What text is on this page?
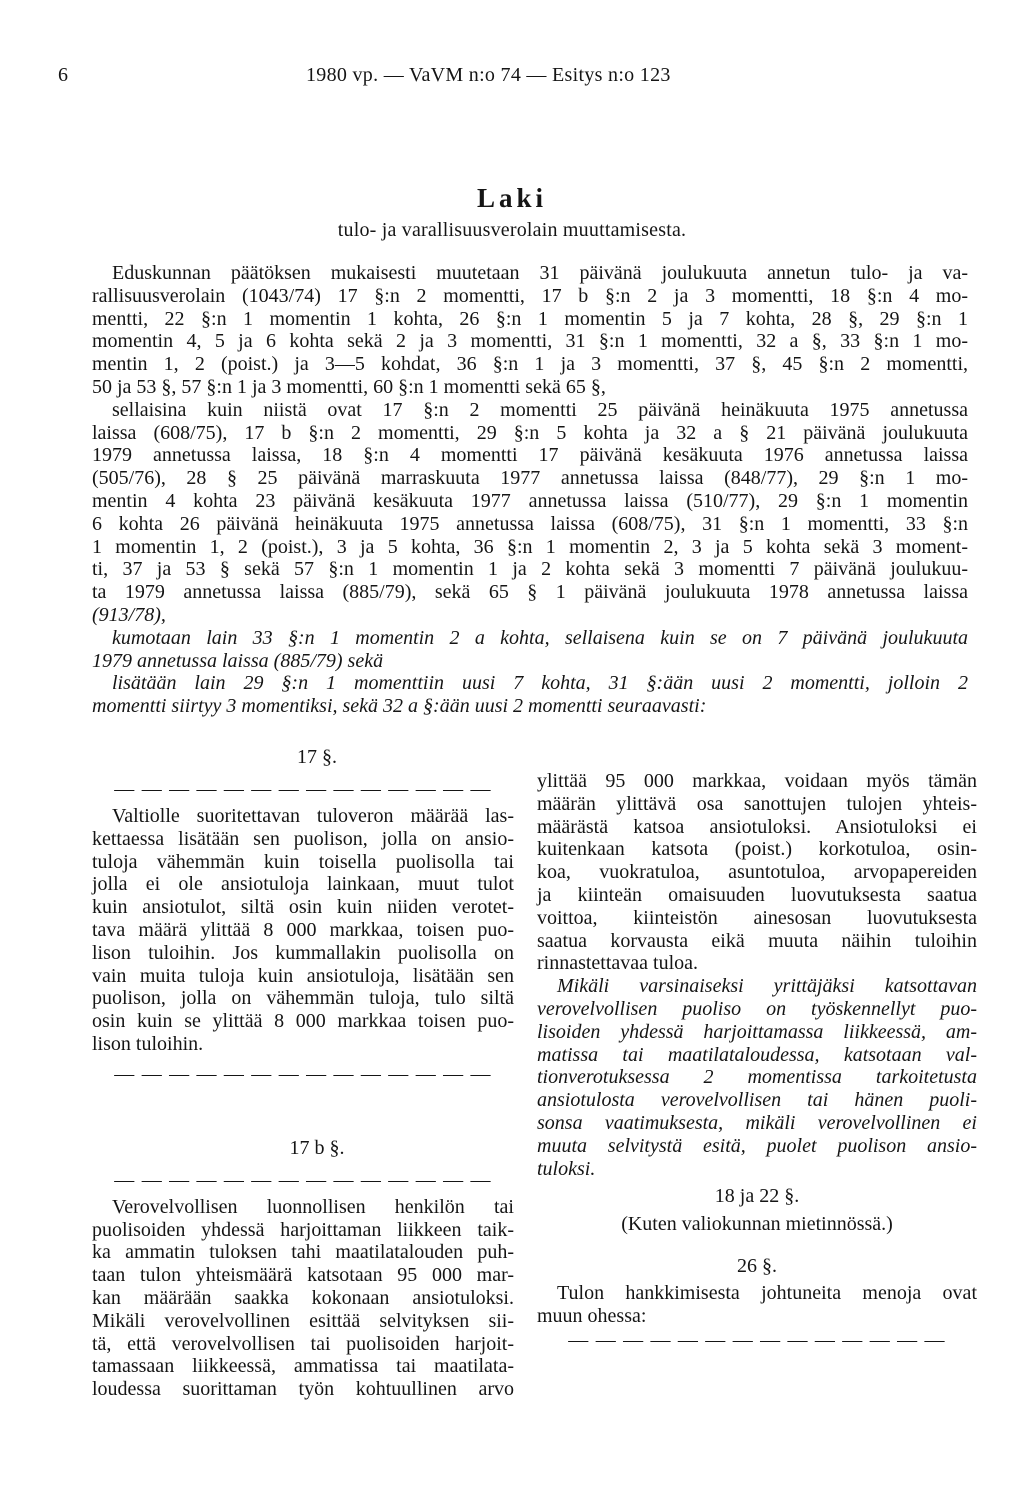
6	1980 vp. — VaVM n:o 74 — Esitys n:o 123
Laki
tulo- ja varallisuusverolain muuttamisesta.
Eduskunnan päätöksen mukaisesti muutetaan 31 päivänä joulukuuta annetun tulo- ja va-
rallisuusverolain (1043/74) 17 §:n 2 momentti, 17 b §:n 2 ja 3 momentti, 18 §:n 4 mo-
mentti, 22 §:n 1 momentin 1 kohta, 26 §:n 1 momentin 5 ja 7 kohta, 28 §, 29 §:n 1
momentin 4, 5 ja 6 kohta sekä 2 ja 3 momentti, 31 §:n 1 momentti, 32 a §, 33 §:n 1 mo-
mentin 1, 2 (poist.) ja 3—5 kohdat, 36 §:n 1 ja 3 momentti, 37 §, 45 §:n 2 momentti,
50 ja 53 §, 57 §:n 1 ja 3 momentti, 60 §:n 1 momentti sekä 65 §,
sellaisina kuin niistä ovat 17 §:n 2 momentti 25 päivänä heinäkuuta 1975 annetussa
laissa (608/75), 17 b §:n 2 momentti, 29 §:n 5 kohta ja 32 a § 21 päivänä joulukuuta
1979 annetussa laissa, 18 §:n 4 momentti 17 päivänä kesäkuuta 1976 annetussa laissa
(505/76), 28 § 25 päivänä marraskuuta 1977 annetussa laissa (848/77), 29 §:n 1 mo-
mentin 4 kohta 23 päivänä kesäkuuta 1977 annetussa laissa (510/77), 29 §:n 1 momentin
6 kohta 26 päivänä heinäkuuta 1975 annetussa laissa (608/75), 31 §:n 1 momentti, 33 §:n
1 momentin 1, 2 (poist.), 3 ja 5 kohta, 36 §:n 1 momentin 2, 3 ja 5 kohta sekä 3 moment-
ti, 37 ja 53 § sekä 57 §:n 1 momentin 1 ja 2 kohta sekä 3 momentti 7 päivänä joulukuu-
ta 1979 annetussa laissa (885/79), sekä 65 § 1 päivänä joulukuuta 1978 annetussa laissa
(913/78),
kumotaan lain 33 §:n 1 momentin 2 a kohta, sellaisena kuin se on 7 päivänä joulukuuta
1979 annetussa laissa (885/79) sekä
lisätään lain 29 §:n 1 momenttiin uusi 7 kohta, 31 §:ään uusi 2 momentti, jolloin 2
momentti siirtyy 3 momentiksi, sekä 32 a §:ään uusi 2 momentti seuraavasti:
17 §.
— — — — — — — — — — — — — —
Valtiolle suoritettavan tuloveron määrää las-
kettaessa lisätään sen puolison, jolla on ansio-
tuloja vähemmän kuin toisella puolisolla tai
jolla ei ole ansiotuloja lainkaan, muut tulot
kuin ansiotulot, siltä osin kuin niiden verotet-
tava määrä ylittää 8 000 markkaa, toisen puo-
lison tuloihin. Jos kummallakin puolisolla on
vain muita tuloja kuin ansiotuloja, lisätään sen
puolison, jolla on vähemmän tuloja, tulo siltä
osin kuin se ylittää 8 000 markkaa toisen puo-
lison tuloihin.
— — — — — — — — — — — — — —
17 b §.
— — — — — — — — — — — — — —
Verovelvollisen luonnollisen henkilön tai
puolisoiden yhdessä harjoittaman liikkeen taik-
ka ammatin tuloksen tahi maatilatalouden puh-
taan tulon yhteismäärä katsotaan 95 000 mar-
kan määrään saakka kokonaan ansiotuloksi.
Mikäli verovelvollinen esittää selvityksen sii-
tä, että verovelvollisen tai puolisoiden harjoit-
tamassaan liikkeessä, ammatissa tai maatilata-
loudessa suorittaman työn kohtuullinen arvo
ylittää 95 000 markkaa, voidaan myös tämän
määrän ylittävä osa sanottujen tulojen yhteis-
määrästä katsoa ansiotuloksi. Ansiotuloksi ei
kuitenkaan katsota (poist.) korkotuloa, osin-
koa, vuokratuloa, asuntotuloa, arvopapereiden
ja kiinteän omaisuuden luovutuksesta saatua
voittoa, kiinteistön ainesosan luovutuksesta
saatua korvausta eikä muuta näihin tuloihin
rinnastettavaa tuloa.
Mikäli varsinaiseksi yrittäjäksi katsottavan
verovelvollisen puoliso on työskennellyt puo-
lisoiden yhdessä harjoittamassa liikkeessä, am-
matissa tai maatilataloudessa, katsotaan val-
tionverotuksessa 2 momentissa tarkoitetusta
ansiotulosta verovelvollisen tai hänen puoli-
sonsa vaatimuksesta, mikäli verovelvollinen ei
muuta selvitystä esitä, puolet puolison ansio-
tuloksi.
18 ja 22 §.
(Kuten valiokunnan mietinnössä.)
26 §.
Tulon hankkimisesta johtuneita menoja ovat
muun ohessa:
— — — — — — — — — — — — — —
